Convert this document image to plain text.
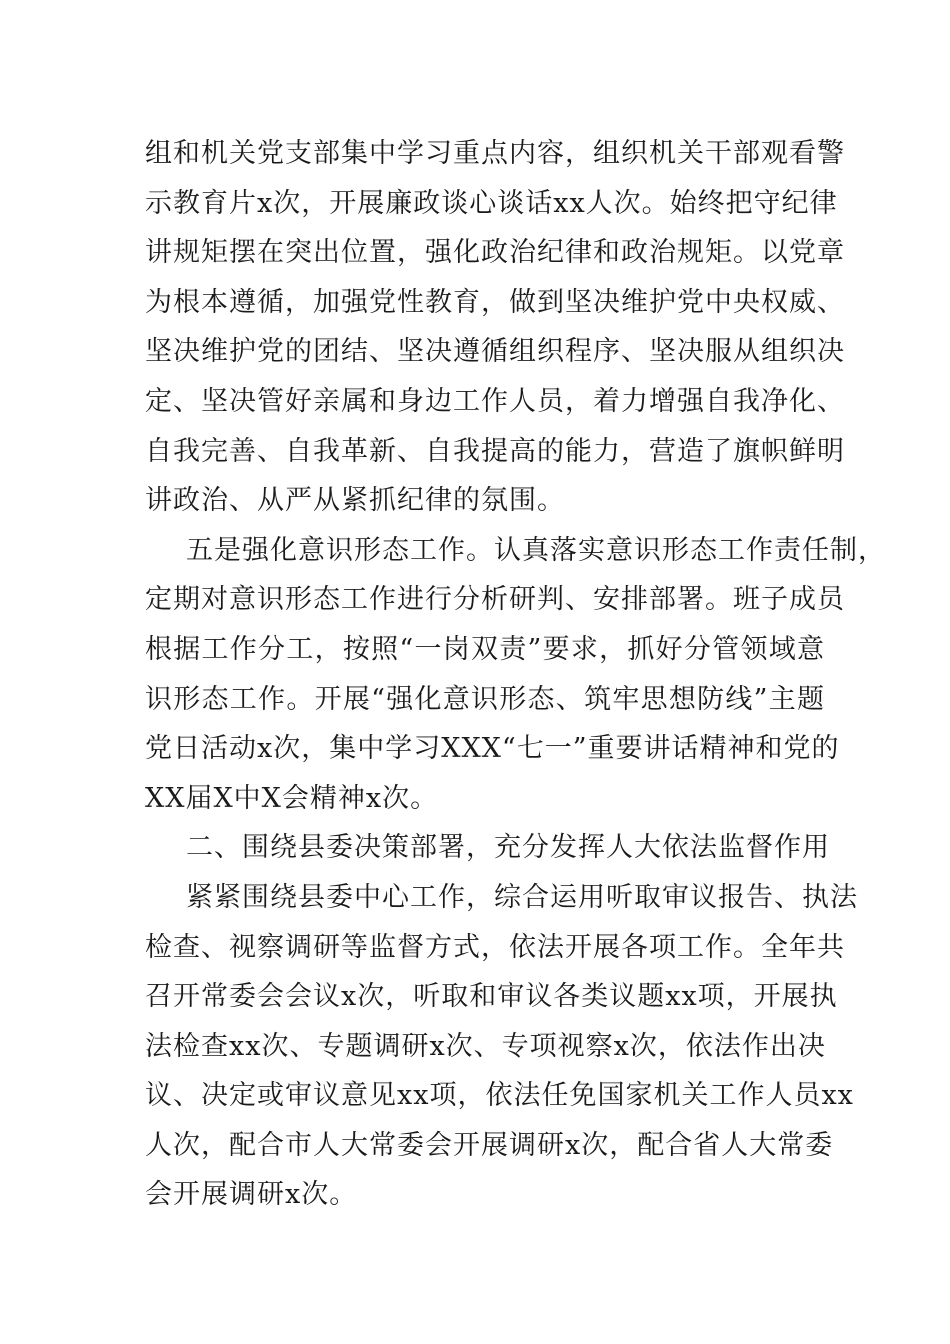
组和机关党支部集中学习重点内容，组织机关干部观看警
示教育片x次，开展廉政谈心谈话xx人次。始终把守纪律
讲规矩摆在突出位置，强化政治纪律和政治规矩。以党章
为根本遵循，加强党性教育，做到坚决维护党中央权威、
坚决维护党的团结、坚决遵循组织程序、坚决服从组织决
定、坚决管好亲属和身边工作人员，着力增强自我净化、
自我完善、自我革新、自我提高的能力，营造了旗帜鲜明
讲政治、从严从紧抓纪律的氛围。
五是强化意识形态工作。认真落实意识形态工作责任制，
定期对意识形态工作进行分析研判、安排部署。班子成员
根据工作分工，按照“一岗双责”要求，抓好分管领域意
识形态工作。开展“强化意识形态、筑牢思想防线”主题
党日活动x次，集中学习XXX“七一”重要讲话精神和党的
XX届X中X会精神x次。
二、围绕县委决策部署，充分发挥人大依法监督作用
紧紧围绕县委中心工作，综合运用听取审议报告、执法
检查、视察调研等监督方式，依法开展各项工作。全年共
召开常委会会议x次，听取和审议各类议题xx项，开展执
法检查xx次、专题调研x次、专项视察x次，依法作出决
议、决定或审议意见xx项，依法任免国家机关工作人员xx
人次，配合市人大常委会开展调研x次，配合省人大常委
会开展调研x次。
